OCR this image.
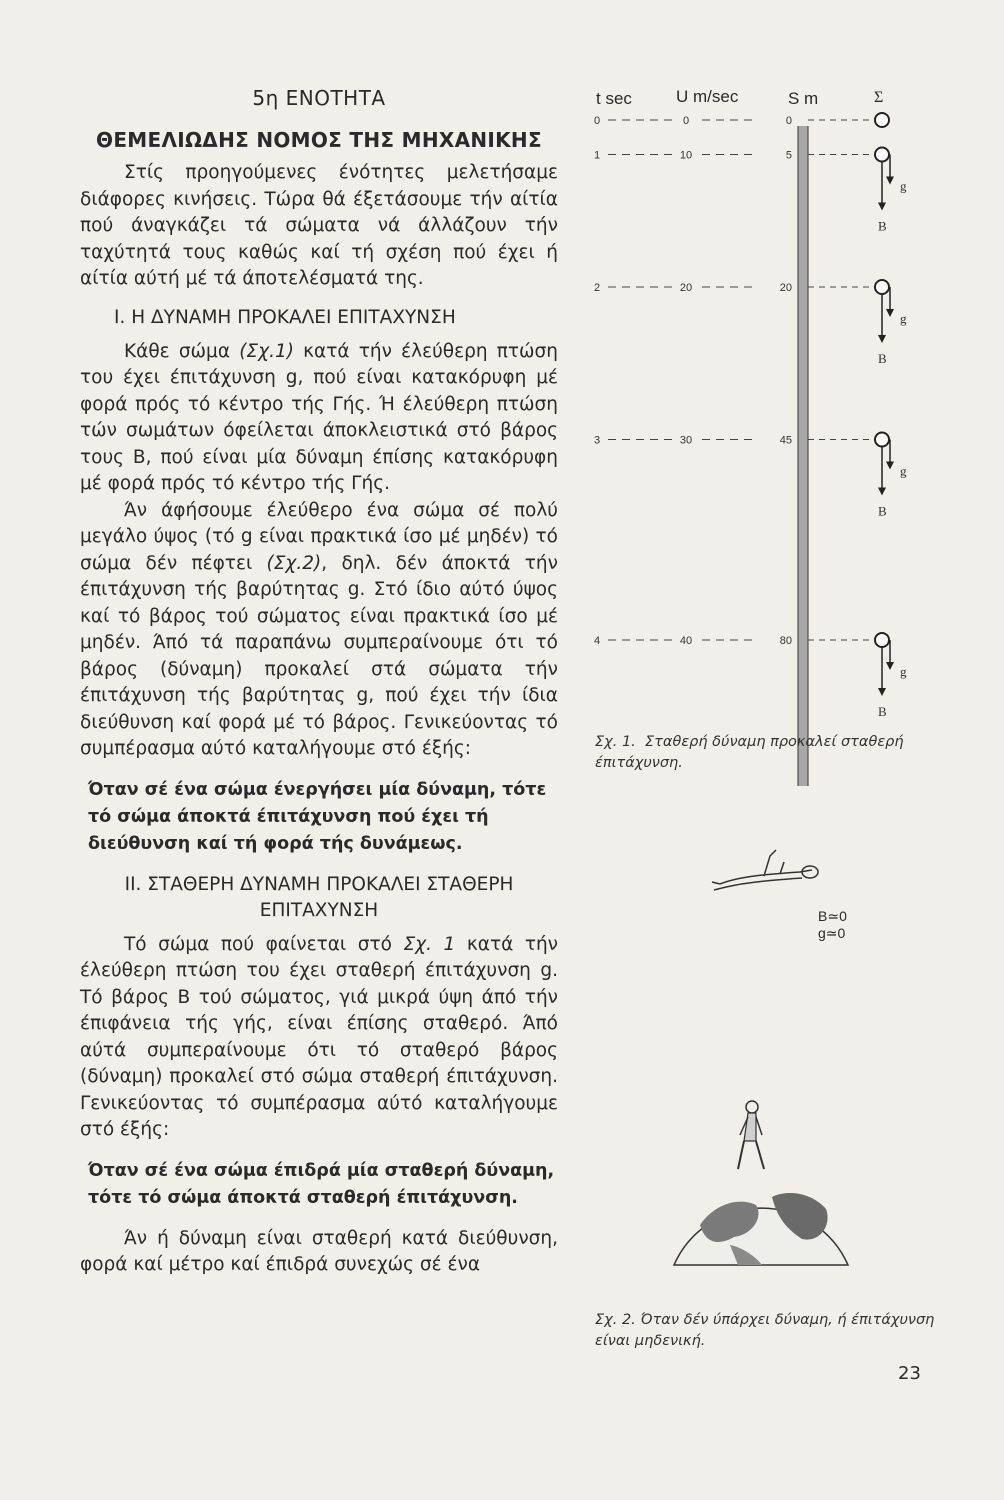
5η ΕΝΟΤΗΤΑ
ΘΕΜΕΛΙΩΔΗΣ ΝΟΜΟΣ ΤΗΣ ΜΗΧΑΝΙΚΗΣ

Στίς προηγούμενες ένότητες μελετήσαμε διάφορες κινήσεις. Τώρα θά έξετάσουμε τήν αίτία πού άναγκάζει τά σώματα νά άλλάζουν τήν ταχύτητά τους καθώς καί τή σχέση πού έχει ή αίτία αύτή μέ τά άποτελέσματά της.

Ι. Η ΔΥΝΑΜΗ ΠΡΟΚΑΛΕΙ ΕΠΙΤΑΧΥΝΣΗ

Κάθε σώμα (Σχ.1) κατά τήν έλεύθερη πτώση του έχει έπιτάχυνση g, πού είναι κατακόρυφη μέ φορά πρός τό κέντρο τής Γής. Ή έλεύθερη πτώση τών σωμάτων όφείλεται άποκλειστικά στό βάρος τους Β, πού είναι μία δύναμη έπίσης κατακόρυφη μέ φορά πρός τό κέντρο τής Γής.

Άν άφήσουμε έλεύθερο ένα σώμα σέ πολύ μεγάλο ύψος (τό g είναι πρακτικά ίσο μέ μηδέν) τό σώμα δέν πέφτει (Σχ.2), δηλ. δέν άποκτά τήν έπιτάχυνση τής βαρύτητας g. Στό ίδιο αύτό ύψος καί τό βάρος τού σώματος είναι πρακτικά ίσο μέ μηδέν. Άπό τά παραπάνω συμπεραίνουμε ότι τό βάρος (δύναμη) προκαλεί στά σώματα τήν έπιτάχυνση τής βαρύτητας g, πού έχει τήν ίδια διεύθυνση καί φορά μέ τό βάρος. Γενικεύοντας τό συμπέρασμα αύτό καταλήγουμε στό έξής:

Όταν σέ ένα σώμα ένεργήσει μία δύναμη, τότε τό σώμα άποκτά έπιτάχυνση πού έχει τή διεύθυνση καί τή φορά τής δυνάμεως.
ΙΙ. ΣΤΑΘΕΡΗ ΔΥΝΑΜΗ ΠΡΟΚΑΛΕΙ ΣΤΑΘΕΡΗ
ΕΠΙΤΑΧΥΝΣΗ

Τό σώμα πού φαίνεται στό Σχ. 1 κατά τήν έλεύθερη πτώση του έχει σταθερή έπιτάχυνση g. Τό βάρος Β τού σώματος, γιά μικρά ύψη άπό τήν έπιφάνεια τής γής, είναι έπίσης σταθερό. Άπό αύτά συμπεραίνουμε ότι τό σταθερό βάρος (δύναμη) προκαλεί στό σώμα σταθερή έπιτάχυνση. Γενικεύοντας τό συμπέρασμα αύτό καταλήγουμε στό έξής:

Όταν σέ ένα σώμα έπιδρά μία σταθερή δύναμη, τότε τό σώμα άποκτά σταθερή έπιτάχυνση.

Άν ή δύναμη είναι σταθερή κατά διεύθυνση, φορά καί μέτρο καί έπιδρά συνεχώς σέ ένα

t sec	U m/sec	S m	Σ
0	0	0
1	10	5
g
B
2	20	20
g
B
3	30	45
g
B
4	40	80
g
B
Σχ. 1. Σταθερή δύναμη προκαλεί σταθερή έπιτάχυνση.
B≃0
g≃0
Σχ. 2. Όταν δέν ύπάρχει δύναμη, ή έπιτάχυνση είναι μηδενική.
23
